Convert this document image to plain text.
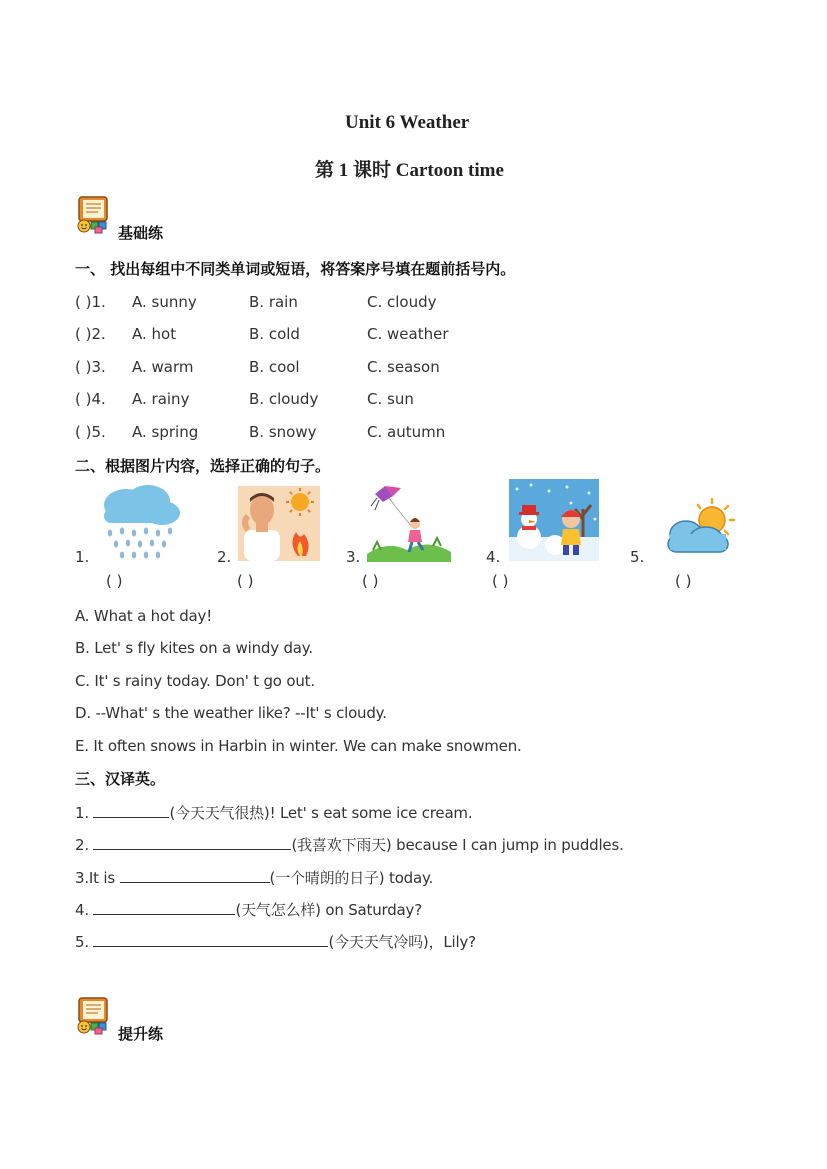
Unit 6 Weather
第 1 课时 Cartoon time
基础练
一、 找出每组中不同类单词或短语，将答案序号填在题前括号内。
( )1. A. sunny	B. rain	C. cloudy
( )2. A. hot	B. cold	C. weather
( )3. A. warm	B. cool	C. season
( )4. A. rainy	B. cloudy	C. sun
( )5. A. spring	B. snowy	C. autumn
二、根据图片内容，选择正确的句子。
1.
( )
2.
( )
3.
( )
4.
( )
5.
( )
A. What a hot day!
B. Let' s fly kites on a windy day.
C. It' s rainy today. Don' t go out.
D. --What' s the weather like? --It' s cloudy.
E. It often snows in Harbin in winter. We can make snowmen.
三、汉译英。
1.	(今天天气很热)! Let' s eat some ice cream.
2.	(我喜欢下雨天) because I can jump in puddles.
3.It is	(一个晴朗的日子) today.
4.	(天气怎么样) on Saturday?
5.	(今天天气冷吗)，Lily?
提升练
